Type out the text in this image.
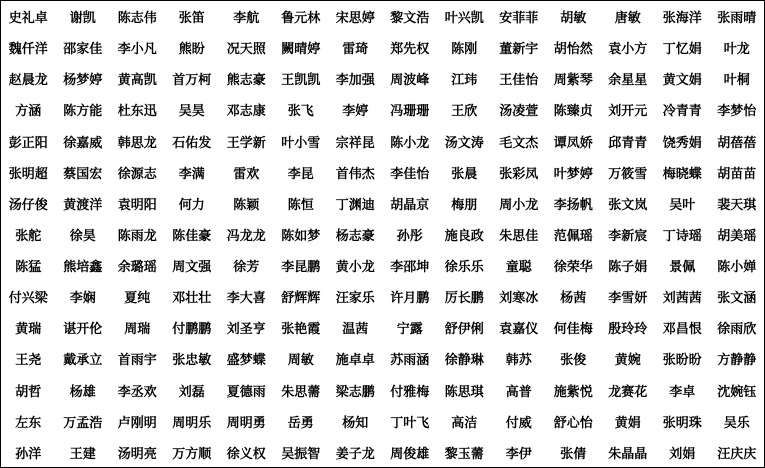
史礼卓	谢凯	陈志伟	张笛	李航	鲁元林	宋思婷	黎文浩	叶兴凯	安菲菲	胡敏	唐敏	张海洋	张雨晴
魏仟洋	邵家佳	李小凡	熊盼	况天照	闕晴婷	雷琦	郑先权	陈刚	董新宇	胡怡然	袁小方	丁忆娟	叶龙
赵晨龙	杨梦婷	黄高凯	首万柯	熊志豪	王凯凯	李加强	周波峰	江玮	王佳怡	周紫琴	余星星	黄文娟	叶桐
方涵	陈方能	杜东迅	吴昊	邓志康	张飞	李婷	冯珊珊	王欣	汤凌萱	陈臻贞	刘开元	冷青青	李梦怡
彭正阳	徐嘉威	韩思龙	石佑发	王学新	叶小雪	宗祥昆	陈小龙	汤文涛	毛文杰	谭凤娇	邱青青	饶秀娟	胡蓓蓓
张明超	蔡国宏	徐源志	李满	雷欢	李昆	首伟杰	李佳怡	张晨	张彩凤	叶梦婷	万筱雪	梅晓蝶	胡苗苗
汤仔俊	黄渡洋	袁明阳	何力	陈颖	陈恒	丁渊迪	胡晶京	梅朋	周小龙	李扬帆	张文岚	吴叶	裴天琪
张舵	徐昊	陈雨龙	陈佳豪	冯龙龙	陈如梦	杨志豪	孙彤	施良政	朱思佳	范佩瑶	李新宸	丁诗瑶	胡美瑶
陈猛	熊培鑫	余璐瑶	周文强	徐芳	李昆鹏	黄小龙	李邵坤	徐乐乐	童聪	徐荣华	陈子娟	景佩	陈小婵
付兴梁	李娴	夏纯	邓壮壮	李大喜	舒辉辉	汪家乐	许月鹏	厉长鹏	刘寒冰	杨茜	李雪妍	刘茜茜	张文涵
黄瑞	谌开伦	周瑞	付鹏鹏	刘圣亨	张艳霞	温茜	宁露	舒伊俐	袁嘉仪	何佳梅	殷玲玲	邓昌恨	徐雨欣
王尧	戴承立	首雨宇	张忠敏	盛梦蝶	周敏	施卓卓	苏雨涵	徐静琳	韩苏	张俊	黄婉	张昐昐	方静静
胡哲	杨雄	李丞欢	刘磊	夏德雨	朱思薷	梁志鹏	付雅梅	陈思琪	高普	施紫悦	龙赛花	李卓	沈婉钰
左东	万孟浩	卢刚明	周明乐	周明勇	岳勇	杨知	丁叶飞	高洁	付威	舒心怡	黄娟	张明珠	吴乐
孙洋	王建	汤明亮	万方顺	徐义权	吴振智	姜子龙	周俊雄	黎玉薷	李伊	张倩	朱晶晶	刘娟	汪庆庆
